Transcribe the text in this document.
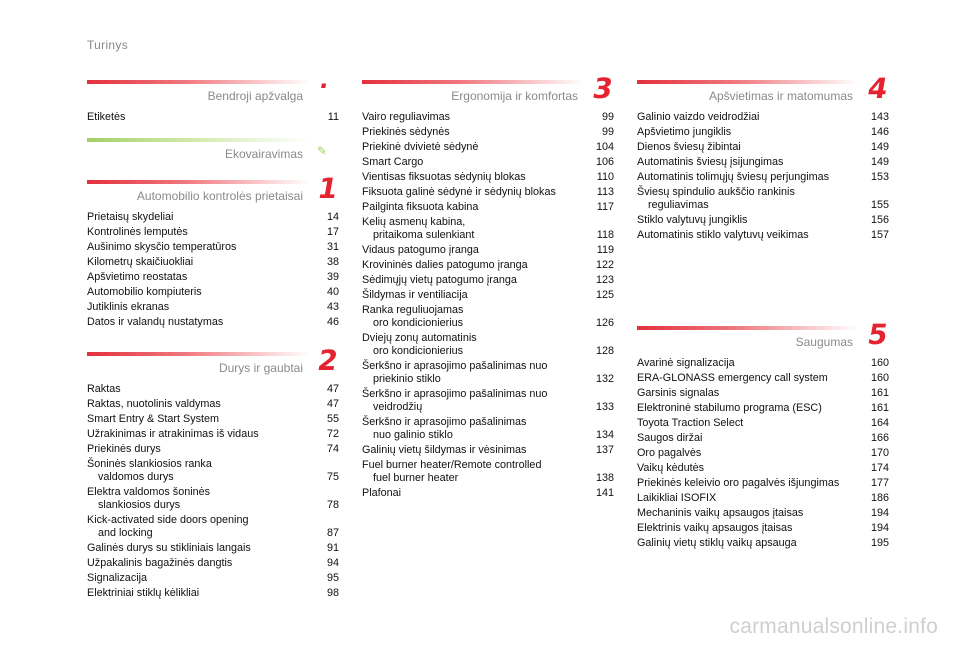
Turinys
Bendroji apžvalga
.
Etiketės	11
Ekovairavimas ✎
Automobilio kontrolės prietaisai 1
Prietaisų skydeliai	14
Kontrolinės lemputės	17
Aušinimo skysčio temperatūros	31
Kilometrų skaičiuokliai	38
Apšvietimo reostatas	39
Automobilio kompiuteris	40
Jutiklinis ekranas	43
Datos ir valandų nustatymas	46
Durys ir gaubtai 2
Raktas	47
Raktas, nuotolinis valdymas	47
Smart Entry & Start System	55
Užrakinimas ir atrakinimas iš vidaus	72
Priekinės durys	74
Šoninės slankiosios ranka
valdomos durys	75
Elektra valdomos šoninės
slankiosios durys	78
Kick-activated side doors opening
and locking	87
Galinės durys su stikliniais langais	91
Užpakalinis bagažinės dangtis	94
Signalizacija	95
Elektriniai stiklų kėlikliai	98
Ergonomija ir komfortas 3
Vairo reguliavimas	99
Priekinės sėdynės	99
Priekinė dvivietė sėdynė	104
Smart Cargo	106
Vientisas fiksuotas sėdynių blokas	110
Fiksuota galinė sėdynė ir sėdynių blokas	113
Pailginta fiksuota kabina	117
Kelių asmenų kabina,
pritaikoma sulenkiant	118
Vidaus patogumo įranga	119
Krovininės dalies patogumo įranga	122
Sėdimųjų vietų patogumo įranga	123
Šildymas ir ventiliacija	125
Ranka reguliuojamas
oro kondicionierius	126
Dviejų zonų automatinis
oro kondicionierius	128
Šerkšno ir aprasojimo pašalinimas nuo
priekinio stiklo	132
Šerkšno ir aprasojimo pašalinimas nuo
veidrodžių	133
Šerkšno ir aprasojimo pašalinimas
nuo galinio stiklo	134
Galinių vietų šildymas ir vėsinimas	137
Fuel burner heater/Remote controlled
fuel burner heater	138
Plafonai	141
Apšvietimas ir matomumas 4
Galinio vaizdo veidrodžiai	143
Apšvietimo jungiklis	146
Dienos šviesų žibintai	149
Automatinis šviesų įsijungimas	149
Automatinis tolimųjų šviesų perjungimas	153
Šviesų spindulio aukščio rankinis
reguliavimas	155
Stiklo valytuvų jungiklis	156
Automatinis stiklo valytuvų veikimas	157
Saugumas 5
Avarinė signalizacija	160
ERA-GLONASS emergency call system	160
Garsinis signalas	161
Elektroninė stabilumo programa (ESC)	161
Toyota Traction Select	164
Saugos diržai	166
Oro pagalvės	170
Vaikų kėdutės	174
Priekinės keleivio oro pagalvės išjungimas	177
Laikikliai ISOFIX	186
Mechaninis vaikų apsaugos įtaisas	194
Elektrinis vaikų apsaugos įtaisas	194
Galinių vietų stiklų vaikų apsauga	195
carmanualsonline.info
